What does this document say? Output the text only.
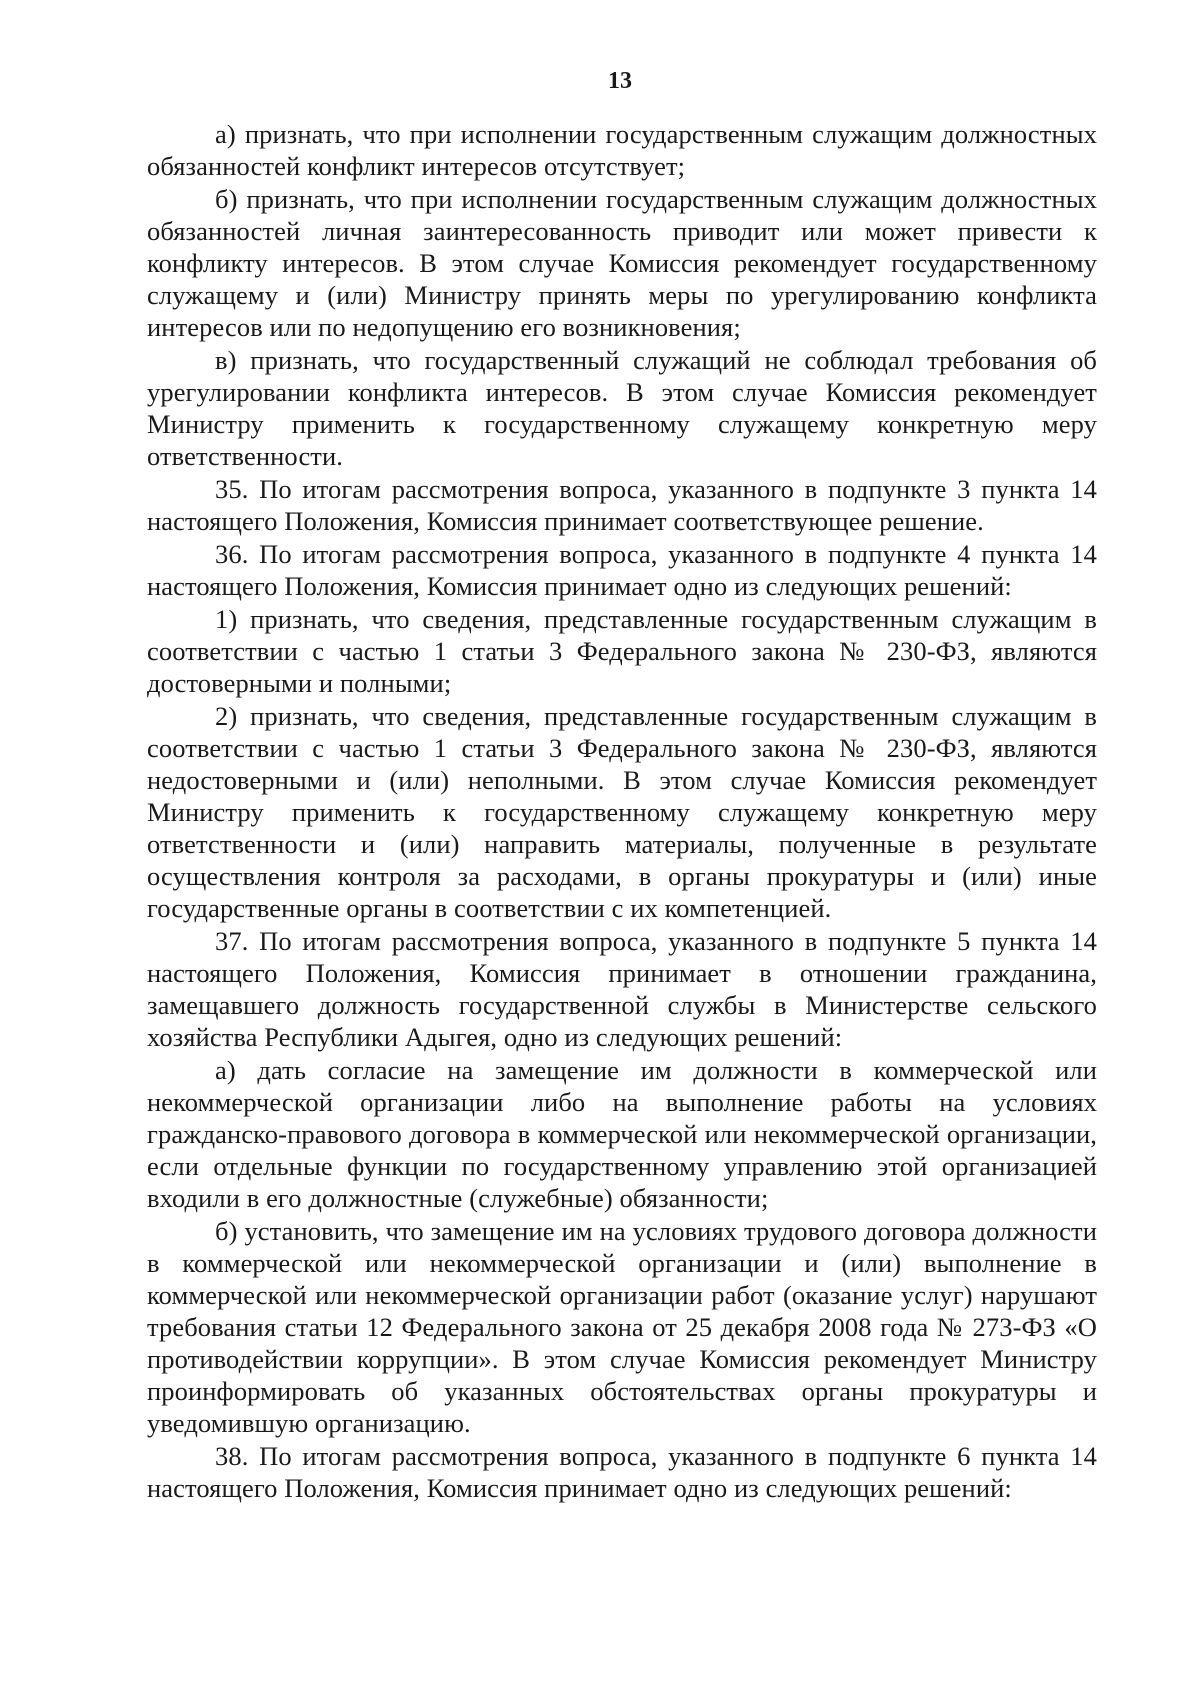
13

а) признать, что при исполнении государственным служащим должностных обязанностей конфликт интересов отсутствует;

б) признать, что при исполнении государственным служащим должностных обязанностей личная заинтересованность приводит или может привести к конфликту интересов. В этом случае Комиссия рекомендует государственному служащему и (или) Министру принять меры по урегулированию конфликта интересов или по недопущению его возникновения;

в) признать, что государственный служащий не соблюдал требования об урегулировании конфликта интересов. В этом случае Комиссия рекомендует Министру применить к государственному служащему конкретную меру ответственности.

35. По итогам рассмотрения вопроса, указанного в подпункте 3 пункта 14 настоящего Положения, Комиссия принимает соответствующее решение.

36. По итогам рассмотрения вопроса, указанного в подпункте 4 пункта 14 настоящего Положения, Комиссия принимает одно из следующих решений:

1) признать, что сведения, представленные государственным служащим в соответствии с частью 1 статьи 3 Федерального закона № 230-ФЗ, являются достоверными и полными;

2) признать, что сведения, представленные государственным служащим в соответствии с частью 1 статьи 3 Федерального закона № 230-ФЗ, являются недостоверными и (или) неполными. В этом случае Комиссия рекомендует Министру применить к государственному служащему конкретную меру ответственности и (или) направить материалы, полученные в результате осуществления контроля за расходами, в органы прокуратуры и (или) иные государственные органы в соответствии с их компетенцией.

37. По итогам рассмотрения вопроса, указанного в подпункте 5 пункта 14 настоящего Положения, Комиссия принимает в отношении гражданина, замещавшего должность государственной службы в Министерстве сельского хозяйства Республики Адыгея, одно из следующих решений:

а) дать согласие на замещение им должности в коммерческой или некоммерческой организации либо на выполнение работы на условиях гражданско-правового договора в коммерческой или некоммерческой организации, если отдельные функции по государственному управлению этой организацией входили в его должностные (служебные) обязанности;

б) установить, что замещение им на условиях трудового договора должности в коммерческой или некоммерческой организации и (или) выполнение в коммерческой или некоммерческой организации работ (оказание услуг) нарушают требования статьи 12 Федерального закона от 25 декабря 2008 года № 273-ФЗ «О противодействии коррупции». В этом случае Комиссия рекомендует Министру проинформировать об указанных обстоятельствах органы прокуратуры и уведомившую организацию.

38. По итогам рассмотрения вопроса, указанного в подпункте 6 пункта 14 настоящего Положения, Комиссия принимает одно из следующих решений:
